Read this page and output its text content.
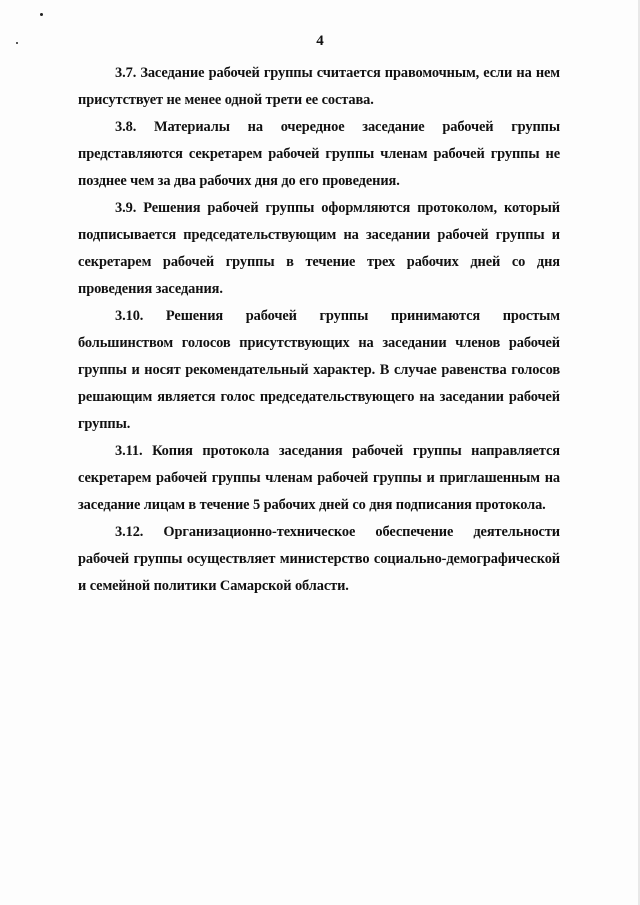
4

3.7. Заседание рабочей группы считается правомочным, если на нем присутствует не менее одной трети ее состава.

3.8. Материалы на очередное заседание рабочей группы представляются секретарем рабочей группы членам рабочей группы не позднее чем за два рабочих дня до его проведения.

3.9. Решения рабочей группы оформляются протоколом, который подписывается председательствующим на заседании рабочей группы и секретарем рабочей группы в течение трех рабочих дней со дня проведения заседания.

3.10. Решения рабочей группы принимаются простым большинством голосов присутствующих на заседании членов рабочей группы и носят рекомендательный характер. В случае равенства голосов решающим является голос председательствующего на заседании рабочей группы.

3.11. Копия протокола заседания рабочей группы направляется секретарем рабочей группы членам рабочей группы и приглашенным на заседание лицам в течение 5 рабочих дней со дня подписания протокола.

3.12. Организационно-техническое обеспечение деятельности рабочей группы осуществляет министерство социально-демографической и семейной политики Самарской области.
